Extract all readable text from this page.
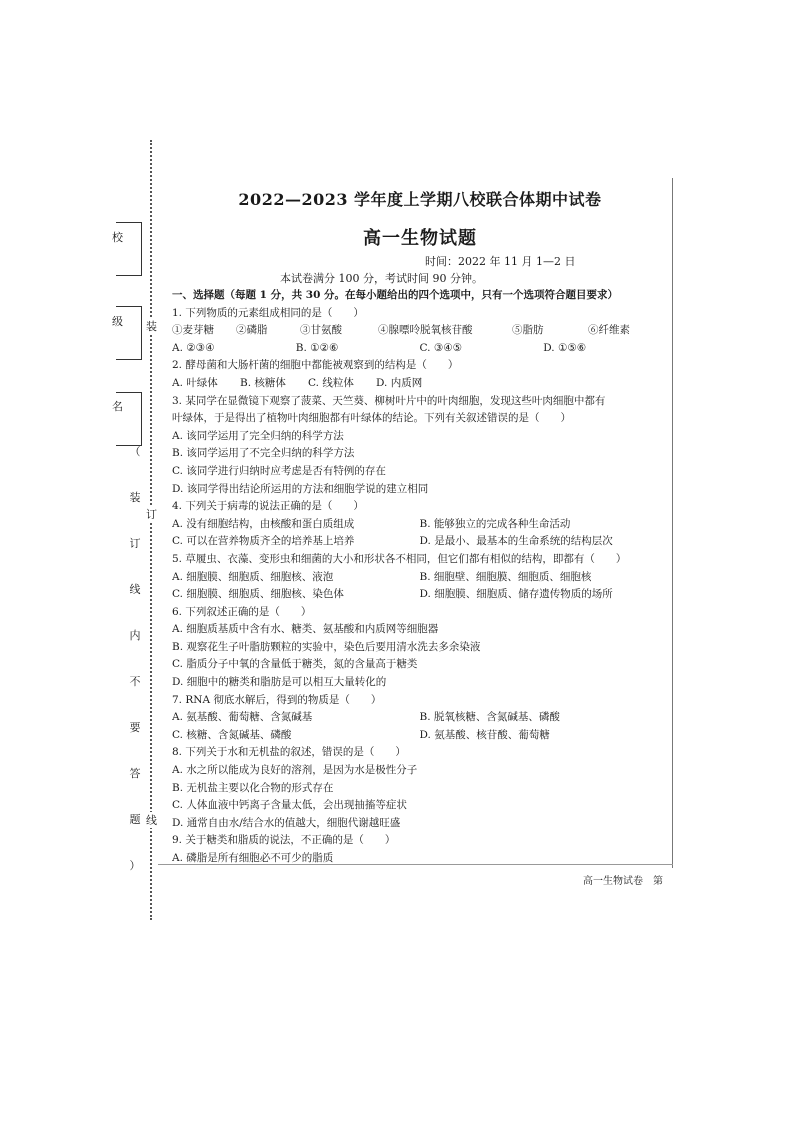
校
级
名
装
订
线
（
装
订
线
内
不
要
答
题
）
2022—2023 学年度上学期八校联合体期中试卷
高一生物试题
时间：2022 年 11 月 1—2 日
本试卷满分 100 分，考试时间 90 分钟。
一、选择题（每题 1 分，共 30 分。在每小题给出的四个选项中，只有一个选项符合题目要求）
1. 下列物质的元素组成相同的是（　　）
①麦芽糖	②磷脂	③甘氨酸	④腺嘌呤脱氧核苷酸	⑤脂肪	⑥纤维素
A. ②③④	B. ①②⑥	C. ③④⑤	D. ①⑤⑥
2. 酵母菌和大肠杆菌的细胞中都能被观察到的结构是（　　）
A. 叶绿体	B. 核糖体	C. 线粒体	D. 内质网
3. 某同学在显微镜下观察了菠菜、天竺葵、柳树叶片中的叶肉细胞，发现这些叶肉细胞中都有
叶绿体，于是得出了植物叶肉细胞都有叶绿体的结论。下列有关叙述错误的是（　　）
A. 该同学运用了完全归纳的科学方法
B. 该同学运用了不完全归纳的科学方法
C. 该同学进行归纳时应考虑是否有特例的存在
D. 该同学得出结论所运用的方法和细胞学说的建立相同
4. 下列关于病毒的说法正确的是（　　）
A. 没有细胞结构，由核酸和蛋白质组成	B. 能够独立的完成各种生命活动
C. 可以在营养物质齐全的培养基上培养	D. 是最小、最基本的生命系统的结构层次
5. 草履虫、衣藻、变形虫和细菌的大小和形状各不相同，但它们都有相似的结构，即都有（　　）
A. 细胞膜、细胞质、细胞核、液泡	B. 细胞壁、细胞膜、细胞质、细胞核
C. 细胞膜、细胞质、细胞核、染色体	D. 细胞膜、细胞质、储存遗传物质的场所
6. 下列叙述正确的是（　　）
A. 细胞质基质中含有水、糖类、氨基酸和内质网等细胞器
B. 观察花生子叶脂肪颗粒的实验中，染色后要用清水洗去多余染液
C. 脂质分子中氧的含量低于糖类，氮的含量高于糖类
D. 细胞中的糖类和脂肪是可以相互大量转化的
7. RNA 彻底水解后，得到的物质是（　　）
A. 氨基酸、葡萄糖、含氮碱基	B. 脱氧核糖、含氮碱基、磷酸
C. 核糖、含氮碱基、磷酸	D. 氨基酸、核苷酸、葡萄糖
8. 下列关于水和无机盐的叙述，错误的是（　　）
A. 水之所以能成为良好的溶剂，是因为水是极性分子
B. 无机盐主要以化合物的形式存在
C. 人体血液中钙离子含量太低，会出现抽搐等症状
D. 通常自由水/结合水的值越大，细胞代谢越旺盛
9. 关于糖类和脂质的说法，不正确的是（　　）
A. 磷脂是所有细胞必不可少的脂质
高一生物试卷　第
